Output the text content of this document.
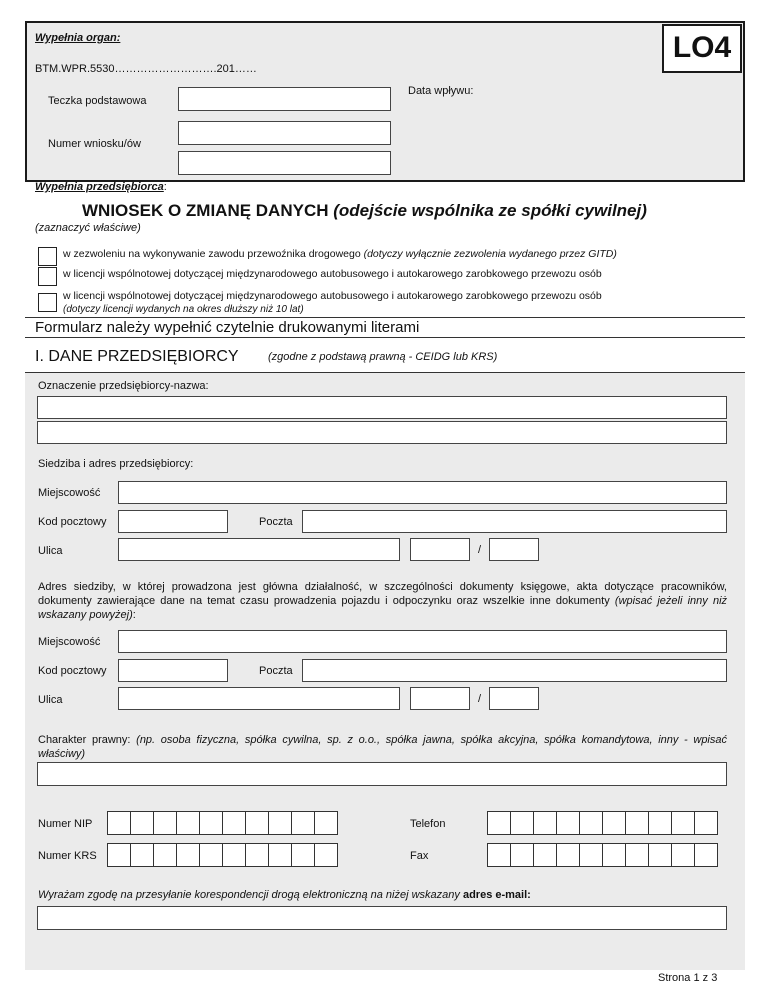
Wypełnia organ:
BTM.WPR.5530……………………….201……
LO4
Teczka podstawowa
Data wpływu:
Numer wniosku/ów
Wypełnia przedsiębiorca:
WNIOSEK O ZMIANĘ DANYCH (odejście wspólnika ze spółki cywilnej)
(zaznaczyć właściwe)
w zezwoleniu na wykonywanie zawodu przewoźnika drogowego (dotyczy wyłącznie zezwolenia wydanego przez GITD)
w licencji wspólnotowej dotyczącej międzynarodowego autobusowego i autokarowego zarobkowego przewozu osób
w licencji wspólnotowej dotyczącej międzynarodowego autobusowego i autokarowego zarobkowego przewozu osób
(dotyczy licencji wydanych na okres dłuższy niż 10 lat)
Formularz należy wypełnić czytelnie drukowanymi literami
I. DANE PRZEDSIĘBIORCY	(zgodne z podstawą prawną - CEIDG lub KRS)
Oznaczenie przedsiębiorcy-nazwa:
Siedziba i adres przedsiębiorcy:
Miejscowość
Kod pocztowy	Poczta
Ulica	/
Adres siedziby, w której prowadzona jest główna działalność, w szczególności dokumenty księgowe, akta dotyczące pracowników, dokumenty zawierające dane na temat czasu prowadzenia pojazdu i odpoczynku oraz wszelkie inne dokumenty (wpisać jeżeli inny niż wskazany powyżej):
Miejscowość
Kod pocztowy	Poczta
Ulica	/
Charakter prawny: (np. osoba fizyczna, spółka cywilna, sp. z o.o., spółka jawna, spółka akcyjna, spółka komandytowa, inny - wpisać właściwy)
Numer NIP	Telefon
Numer KRS	Fax
Wyrażam zgodę na przesyłanie korespondencji drogą elektroniczną na niżej wskazany adres e-mail:
Strona 1 z 3
